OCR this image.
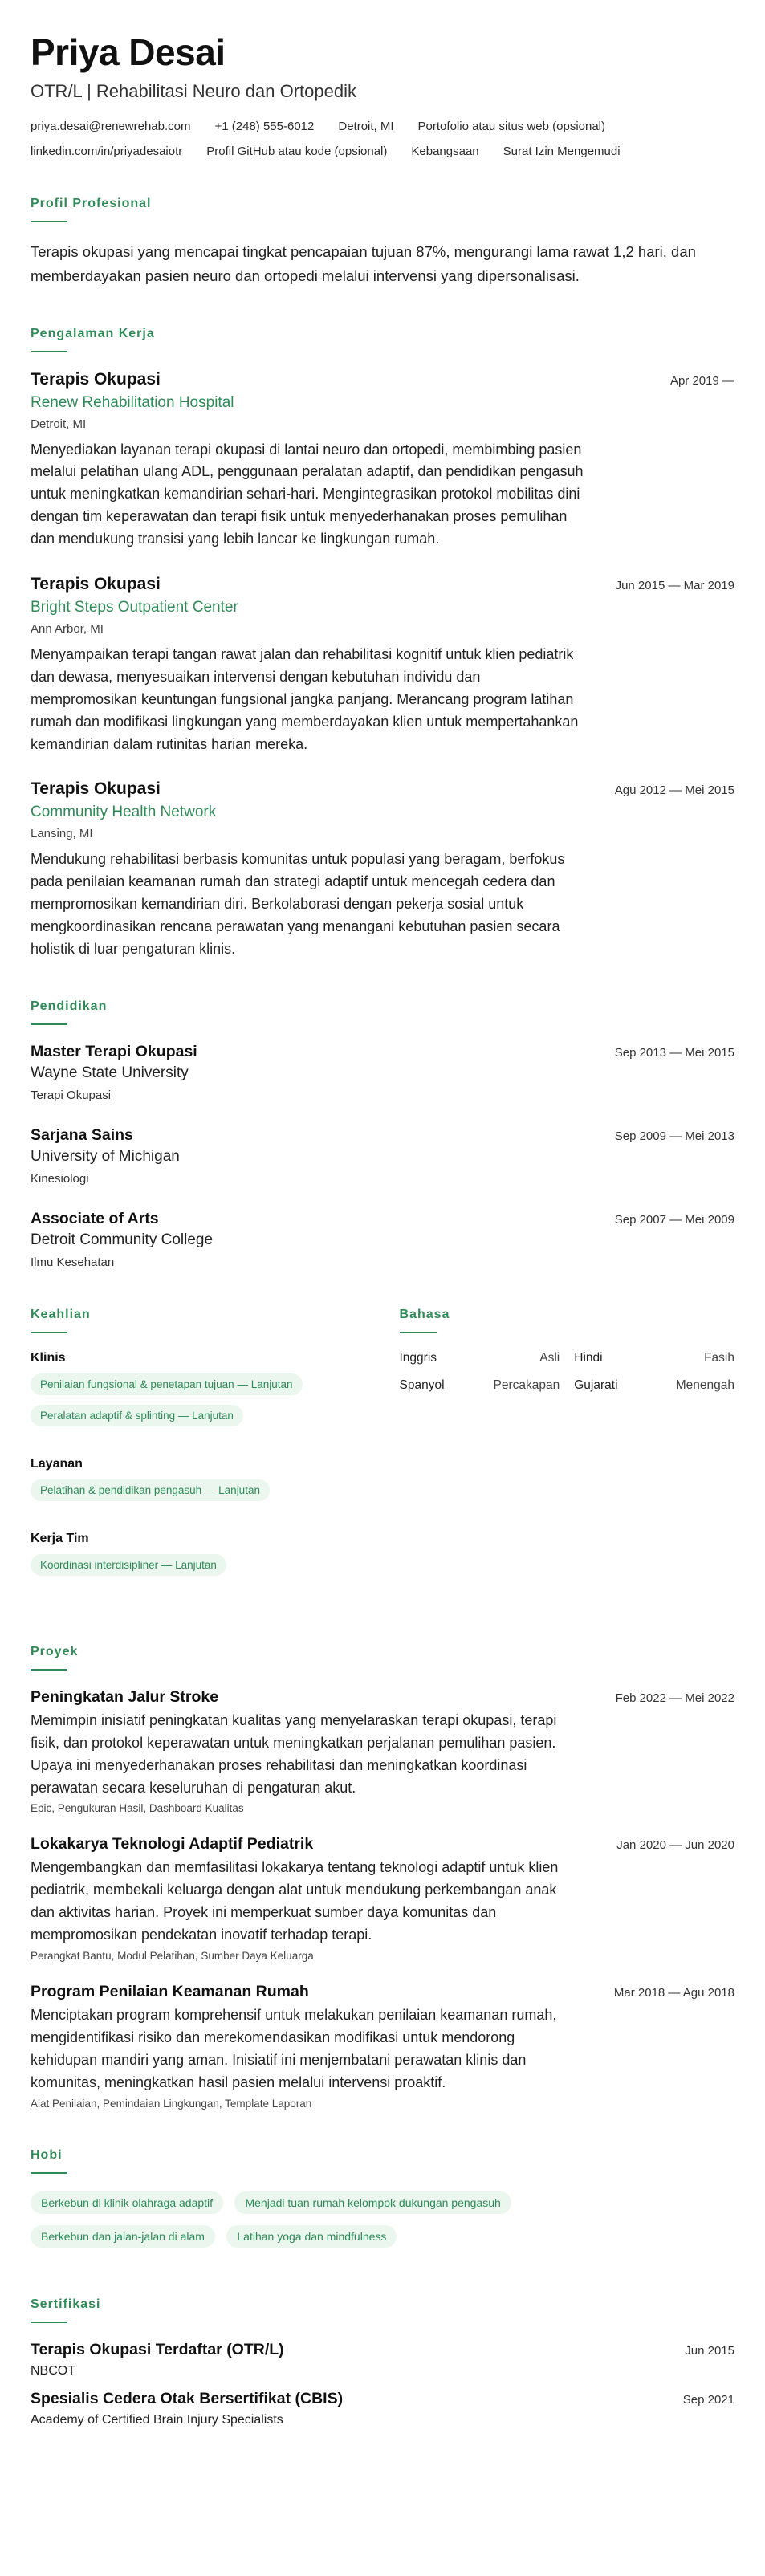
Priya Desai
OTR/L | Rehabilitasi Neuro dan Ortopedik
priya.desai@renewrehab.com +1 (248) 555-6012 Detroit, MI Portofolio atau situs web (opsional)
linkedin.com/in/priyadesaiotr Profil GitHub atau kode (opsional) Kebangsaan Surat Izin Mengemudi
Profil Profesional
Terapis okupasi yang mencapai tingkat pencapaian tujuan 87%, mengurangi lama rawat 1,2 hari, dan memberdayakan pasien neuro dan ortopedi melalui intervensi yang dipersonalisasi.
Pengalaman Kerja
Terapis Okupasi	Apr 2019 —
Renew Rehabilitation Hospital
Detroit, MI
Menyediakan layanan terapi okupasi di lantai neuro dan ortopedi, membimbing pasien melalui pelatihan ulang ADL, penggunaan peralatan adaptif, dan pendidikan pengasuh untuk meningkatkan kemandirian sehari-hari. Mengintegrasikan protokol mobilitas dini dengan tim keperawatan dan terapi fisik untuk menyederhanakan proses pemulihan dan mendukung transisi yang lebih lancar ke lingkungan rumah.
Terapis Okupasi	Jun 2015 — Mar 2019
Bright Steps Outpatient Center
Ann Arbor, MI
Menyampaikan terapi tangan rawat jalan dan rehabilitasi kognitif untuk klien pediatrik dan dewasa, menyesuaikan intervensi dengan kebutuhan individu dan mempromosikan keuntungan fungsional jangka panjang. Merancang program latihan rumah dan modifikasi lingkungan yang memberdayakan klien untuk mempertahankan kemandirian dalam rutinitas harian mereka.
Terapis Okupasi	Agu 2012 — Mei 2015
Community Health Network
Lansing, MI
Mendukung rehabilitasi berbasis komunitas untuk populasi yang beragam, berfokus pada penilaian keamanan rumah dan strategi adaptif untuk mencegah cedera dan mempromosikan kemandirian diri. Berkolaborasi dengan pekerja sosial untuk mengkoordinasikan rencana perawatan yang menangani kebutuhan pasien secara holistik di luar pengaturan klinis.
Pendidikan
Master Terapi Okupasi	Sep 2013 — Mei 2015
Wayne State University
Terapi Okupasi
Sarjana Sains	Sep 2009 — Mei 2013
University of Michigan
Kinesiologi
Associate of Arts	Sep 2007 — Mei 2009
Detroit Community College
Ilmu Kesehatan
Keahlian
Klinis
Penilaian fungsional & penetapan tujuan — Lanjutan
Peralatan adaptif & splinting — Lanjutan
Layanan
Pelatihan & pendidikan pengasuh — Lanjutan
Kerja Tim
Koordinasi interdisipliner — Lanjutan
Bahasa
Inggris	Asli Hindi	Fasih
Spanyol	Percakapan Gujarati	Menengah
Proyek
Peningkatan Jalur Stroke	Feb 2022 — Mei 2022
Memimpin inisiatif peningkatan kualitas yang menyelaraskan terapi okupasi, terapi fisik, dan protokol keperawatan untuk meningkatkan perjalanan pemulihan pasien. Upaya ini menyederhanakan proses rehabilitasi dan meningkatkan koordinasi perawatan secara keseluruhan di pengaturan akut.
Epic, Pengukuran Hasil, Dashboard Kualitas
Lokakarya Teknologi Adaptif Pediatrik	Jan 2020 — Jun 2020
Mengembangkan dan memfasilitasi lokakarya tentang teknologi adaptif untuk klien pediatrik, membekali keluarga dengan alat untuk mendukung perkembangan anak dan aktivitas harian. Proyek ini memperkuat sumber daya komunitas dan mempromosikan pendekatan inovatif terhadap terapi.
Perangkat Bantu, Modul Pelatihan, Sumber Daya Keluarga
Program Penilaian Keamanan Rumah	Mar 2018 — Agu 2018
Menciptakan program komprehensif untuk melakukan penilaian keamanan rumah, mengidentifikasi risiko dan merekomendasikan modifikasi untuk mendorong kehidupan mandiri yang aman. Inisiatif ini menjembatani perawatan klinis dan komunitas, meningkatkan hasil pasien melalui intervensi proaktif.
Alat Penilaian, Pemindaian Lingkungan, Template Laporan
Hobi
Berkebun di klinik olahraga adaptif	Menjadi tuan rumah kelompok dukungan pengasuh
Berkebun dan jalan-jalan di alam	Latihan yoga dan mindfulness
Sertifikasi
Terapis Okupasi Terdaftar (OTR/L)	Jun 2015
NBCOT
Spesialis Cedera Otak Bersertifikat (CBIS)	Sep 2021
Academy of Certified Brain Injury Specialists
